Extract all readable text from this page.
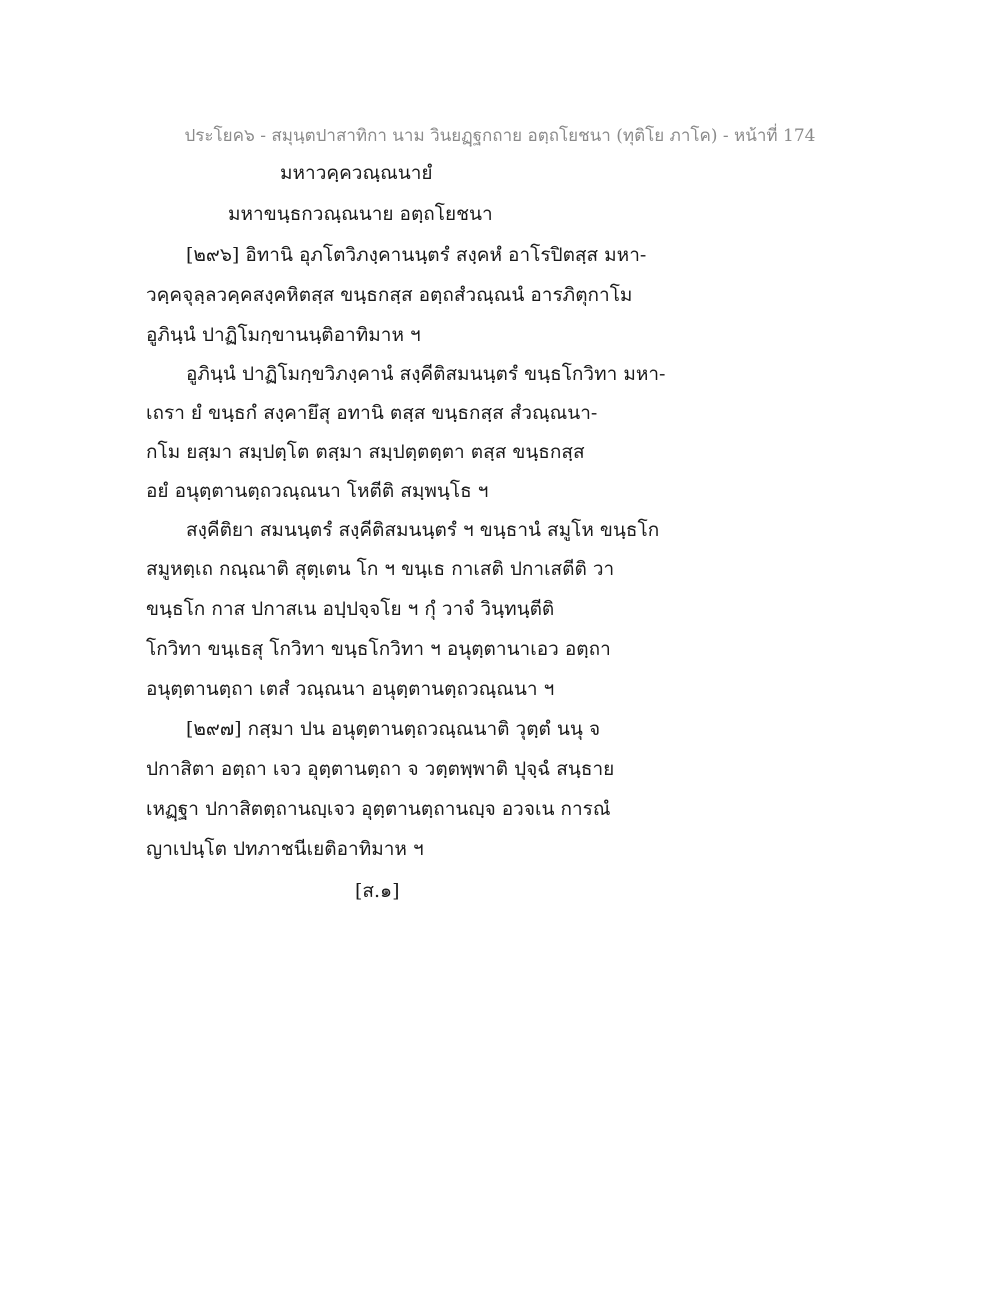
ประโยค๖ - สมุนฺตปาสาทิกา นาม วินยฏฺฐกถาย อตฺถโยชนา (ทุติโย ภาโค) - หน้าที่ 174
มหาวคฺควณฺณนายํ
มหาขนฺธกวณฺณนาย อตฺถโยชนา
[๒๙๖] อิทานิ อุภโตวิภงฺคานนฺตรํ สงฺคหํ อาโรปิตสฺส มหา-
วคฺคจุลฺลวคฺคสงฺคหิตสฺส ขนฺธกสฺส อตฺถสํวณฺณนํ อารภิตุกาโม
อูภินฺนํ ปาฏิโมกฺขานนฺติอาทิมาห ฯ
อูภินฺนํ ปาฏิโมกฺขวิภงฺคานํ สงฺคีติสมนนฺตรํ ขนฺธโกวิทา มหา-
เถรา ยํ ขนฺธกํ สงฺคายึสุ อทานิ ตสฺส ขนฺธกสฺส สํวณฺณนา-
กโม ยสฺมา สมฺปตฺโต ตสฺมา สมฺปตฺตตฺตา ตสฺส ขนฺธกสฺส
อยํ อนุตฺตานตฺถวณฺณนา โหตีติ สมฺพนฺโธ ฯ
สงฺคีติยา สมนนฺตรํ สงฺคีติสมนนฺตรํ ฯ ขนฺธานํ สมูโห ขนฺธโก
สมูหตฺเถ กณฺณาติ สุตฺเตน โก ฯ ขนฺเธ กาเสติ ปกาเสตีติ วา
ขนฺธโก กาส ปกาสเน อปฺปจฺจโย ฯ กุํ วาจํ วินฺทนฺตีติ
โกวิทา ขนฺเธสุ โกวิทา ขนฺธโกวิทา ฯ อนุตฺตานาเอว อตฺถา
อนุตฺตานตฺถา เตสํ วณฺณนา อนุตฺตานตฺถวณฺณนา ฯ
[๒๙๗] กสฺมา ปน อนุตฺตานตฺถวณฺณนาติ วุตฺตํ นนุ จ
ปกาสิตา อตฺถา เจว อุตฺตานตฺถา จ วตฺตพฺพาติ ปุจฺฉํ สนฺธาย
เหฏฺฐา ปกาสิตตฺถานญฺเจว อุตฺตานตฺถานญฺจ อวจเน การณํ
ญาเปนฺโต ปทภาชนีเยติอาทิมาห ฯ
[ส.๑]
